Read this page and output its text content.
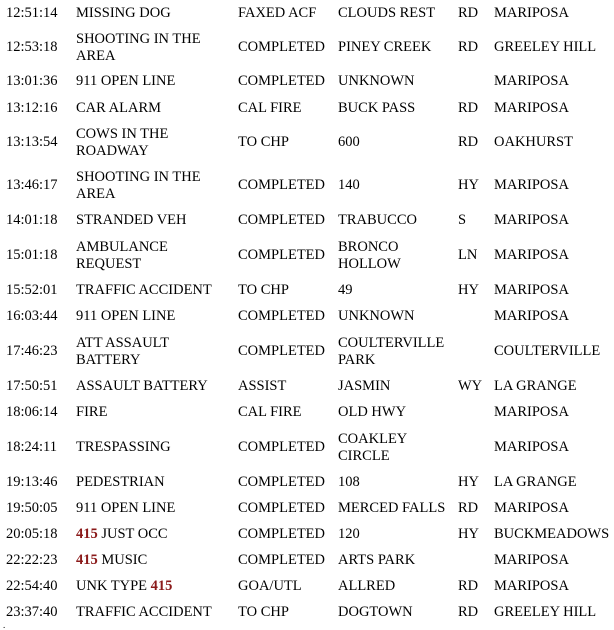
12:51:14	MISSING DOG	FAXED ACF	CLOUDS REST	RD	MARIPOSA
12:53:18	SHOOTING IN THE AREA	COMPLETED	PINEY CREEK	RD	GREELEY HILL
13:01:36	911 OPEN LINE	COMPLETED	UNKNOWN		MARIPOSA
13:12:16	CAR ALARM	CAL FIRE	BUCK PASS	RD	MARIPOSA
13:13:54	COWS IN THE ROADWAY	TO CHP	600	RD	OAKHURST
13:46:17	SHOOTING IN THE AREA	COMPLETED	140	HY	MARIPOSA
14:01:18	STRANDED VEH	COMPLETED	TRABUCCO	S	MARIPOSA
15:01:18	AMBULANCE REQUEST	COMPLETED	BRONCO HOLLOW	LN	MARIPOSA
15:52:01	TRAFFIC ACCIDENT	TO CHP	49	HY	MARIPOSA
16:03:44	911 OPEN LINE	COMPLETED	UNKNOWN		MARIPOSA
17:46:23	ATT ASSAULT BATTERY	COMPLETED	COULTERVILLE PARK		COULTERVILLE
17:50:51	ASSAULT BATTERY	ASSIST	JASMIN	WY	LA GRANGE
18:06:14	FIRE	CAL FIRE	OLD HWY		MARIPOSA
18:24:11	TRESPASSING	COMPLETED	COAKLEY CIRCLE		MARIPOSA
19:13:46	PEDESTRIAN	COMPLETED	108	HY	LA GRANGE
19:50:05	911 OPEN LINE	COMPLETED	MERCED FALLS	RD	MARIPOSA
20:05:18	415 JUST OCC	COMPLETED	120	HY	BUCKMEADOWS
22:22:23	415 MUSIC	COMPLETED	ARTS PARK		MARIPOSA
22:54:40	UNK TYPE 415	GOA/UTL	ALLRED	RD	MARIPOSA
23:37:40	TRAFFIC ACCIDENT	TO CHP	DOGTOWN	RD	GREELEY HILL
.
